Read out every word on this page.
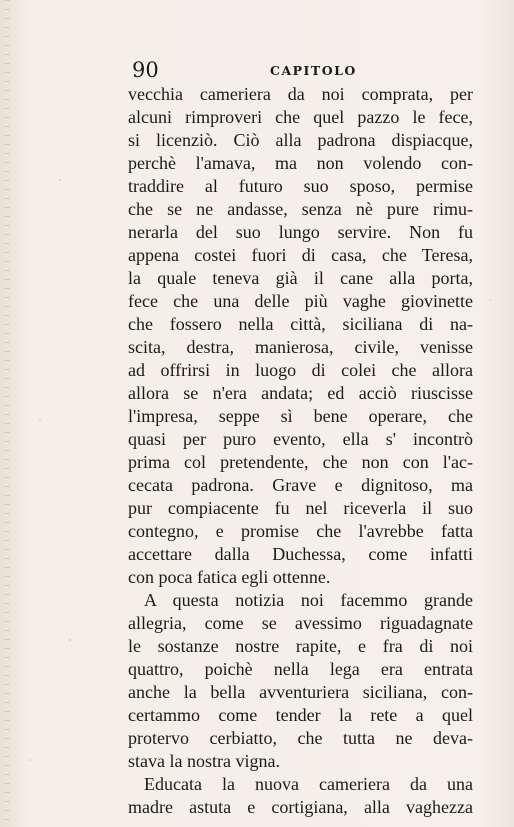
90	CAPITOLO
vecchia cameriera da noi comprata, per
alcuni rimproveri che quel pazzo le fece,
si licenziò. Ciò alla padrona dispiacque,
perchè l'amava, ma non volendo con-
traddire al futuro suo sposo, permise
che se ne andasse, senza nè pure rimu-
nerarla del suo lungo servire. Non fu
appena costei fuori di casa, che Teresa,
la quale teneva già il cane alla porta,
fece che una delle più vaghe giovinette
che fossero nella città, siciliana di na-
scita, destra, manierosa, civile, venisse
ad offrirsi in luogo di colei che allora
allora se n'era andata; ed acciò riuscisse
l'impresa, seppe sì bene operare, che
quasi per puro evento, ella s' incontrò
prima col pretendente, che non con l'ac-
cecata padrona. Grave e dignitoso, ma
pur compiacente fu nel riceverla il suo
contegno, e promise che l'avrebbe fatta
accettare dalla Duchessa, come infatti
con poca fatica egli ottenne.
A questa notizia noi facemmo grande
allegria, come se avessimo riguadagnate
le sostanze nostre rapite, e fra di noi
quattro, poichè nella lega era entrata
anche la bella avventuriera siciliana, con-
certammo come tender la rete a quel
protervo cerbiatto, che tutta ne deva-
stava la nostra vigna.
Educata la nuova cameriera da una
madre astuta e cortigiana, alla vaghezza
